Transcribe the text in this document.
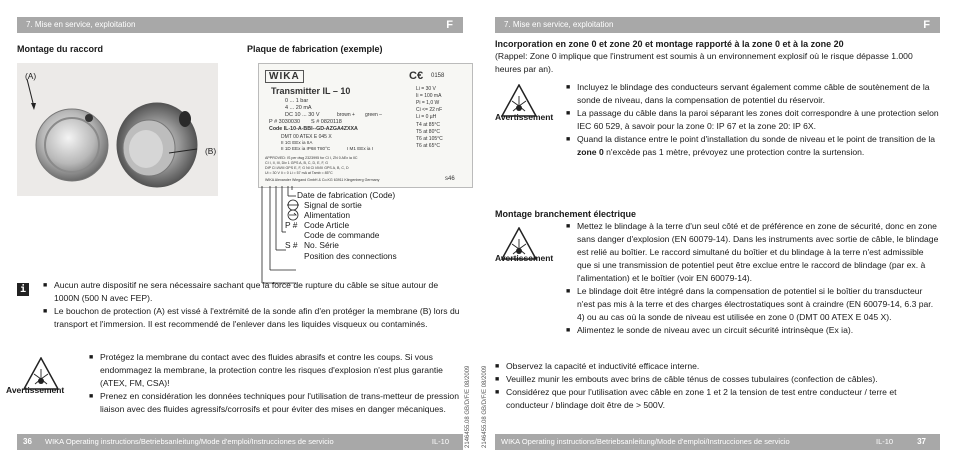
7. Mise en service, exploitation	F
Montage du raccord	Plaque de fabrication (exemple)
(A)
(B)
WIKA	C€ 0158
Transmitter IL – 10
0 ... 1 bar
4 ... 20 mA
DC 10 ... 30 V	brown + green –
P # 3030030 S # 0820118
Code IL-10-A-BBI--GD-AZGA4ZXXA
DMT 00 ATEX E 045 X
II 1G EEx ia IIA
II 1D EEx ia IP68 T80°C	I M1 EEx ia I
Li = 30 V
Ii = 100 mA
Pi = 1,0 W
Ci <= 22 nF
Li = 0 µH
T4 at 85°C
T5 at 80°C
T6 at 105°C
T6 at 65°C
APPROVED: IS per dwg 2323995 for CI I, ZN 0 AEx ia IIC
CI I, II, III, Div 1 GPS A, B, C, D, E, F, G
DIP CI I/II/III GPS E, F, G NI CI I/II/III GPS A, B, C, D
Ui = 30 V Ii = 0 Li = 57 mA at Tamb = 85°C
WIKA Alexander Wiegand GmbH & Co.KG 63911 Klingenberg Germany	s46
Date de fabrication (Code)
Signal de sortie
Alimentation
P # Code Article
Code de commande
S # No. Série
Position des connections
i
■	Aucun autre dispositif ne sera nécessaire sachant que la force de rupture du câble se situe autour de 1000N (500 N avec FEP).
■ Le bouchon de protection (A) est vissé à l'extrémité de la sonde afin d'en protéger la membrane (B) lors du transport et l'immersion. Il est recommendé de l'enlever dans les liquides visqueux ou contaminés.
Avertissement
■ Protégez la membrane du contact avec des fluides abrasifs et contre les coups. Si vous endommagez la membrane, la protection contre les risques d'explosion n'est plus garantie (ATEX, FM, CSA)!
■ Prenez en considération les données techniques pour l'utilisation de trans-metteur de pression liaison avec des fluides agressifs/corrosifs et pour éviter des mises en danger mécaniques.
36 WIKA Operating instructions/Betriebsanleitung/Mode d'emploi/Instrucciones de servicio	IL-10	2146455.08 GB/D/F/E 08/2009 2146455.08 GB/D/F/E 08/2009
7. Mise en service, exploitation	F
Incorporation en zone 0 et zone 20 et montage rapporté à la zone 0 et à la zone 20
(Rappel: Zone 0 implique que l'instrument est soumis à un environnement explosif où le risque dépasse 1.000 heures par an).
Avertissement
■ Incluyez le blindage des conducteurs servant également comme câble de soutènement de la sonde de niveau, dans la compensation de potentiel du réservoir.
■ La passage du câble dans la paroi séparant les zones doit correspondre à une protection selon IEC 60 529, à savoir pour la zone 0: IP 67 et la zone 20: IP 6X.
■ Quand la distance entre le point d'installation du sonde de niveau et le point de transition de la zone 0 n'excède pas 1 mètre, prévoyez une protection contre la surtension.
Montage branchement électrique
Avertissement
■ Mettez le blindage à la terre d'un seul côté et de préférence en zone de sécurité, donc en zone sans danger d'explosion (EN 60079-14). Dans les instruments avec sortie de câble, le blindage est relié au boîtier. Le raccord simultané du boîtier et du blindage à la terre n'est admissible que si une transmission de potentiel peut être exclue entre le raccord de blindage (par ex. à l'alimentation) et le boîtier (voir EN 60079-14).
■ Le blindage doit être intégré dans la compensation de potentiel si le boîtier du transducteur n'est pas mis à la terre et des charges électrostatiques sont à craindre (EN 60079-14, 6.3 par. 4) ou au cas où la sonde de niveau est utilisée en zone 0 (DMT 00 ATEX E 045 X).
■ Alimentez le sonde de niveau avec un circuit sécurité intrinsèque (Ex ia).
■ Observez la capacité et inductivité efficace interne.
■ Veuillez munir les embouts avec brins de câble ténus de cosses tubulaires (confection de câbles).
■ Considérez que pour l'utilisation avec câble en zone 1 et 2 la tension de test entre conducteur / terre et conducteur / blindage doit être de > 500V.
WIKA Operating instructions/Betriebsanleitung/Mode d'emploi/Instrucciones de servicio	IL-10	37
